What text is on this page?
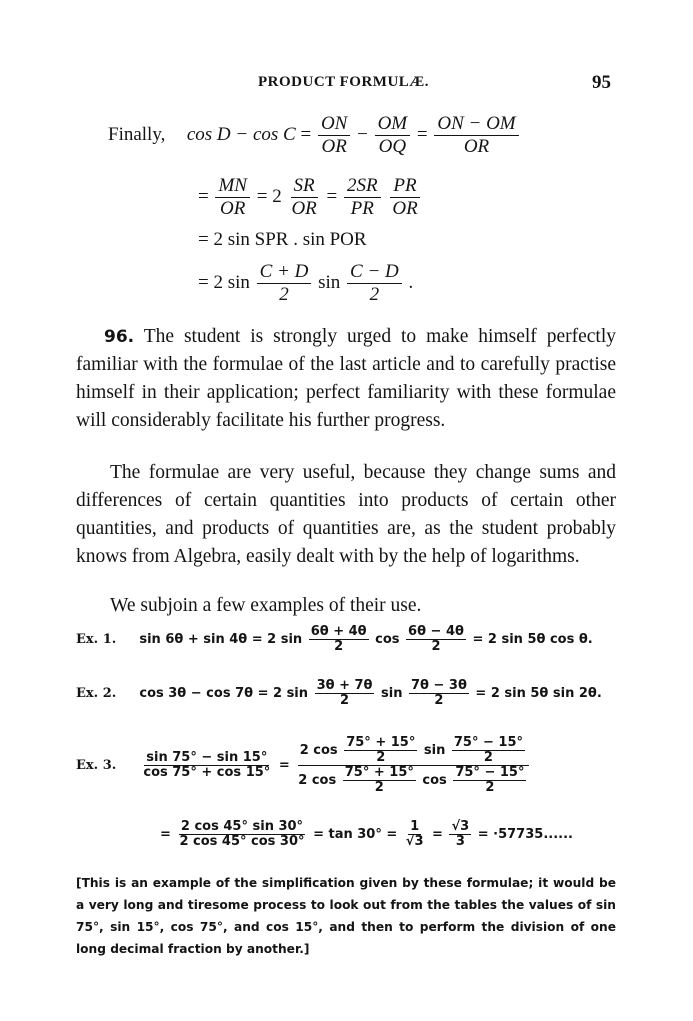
PRODUCT FORMULÆ.	95
Finally, $\cos D - \cos C = \frac{ON}{OR} - \frac{OM}{OQ} = \frac{ON - OM}{OR}$
= $\frac{MN}{OR} = 2 \frac{SR}{OR} = \frac{2SR}{PR}$
$\frac{PR}{OR}$
= 2 sin SPR . sin POR
= 2 $\sin \frac{C + D}{2}$ $\sin \frac{C - D}{2}$ .
96. The student is strongly urged to make himself perfectly familiar with the formulae of the last article and to carefully practise himself in their application; perfect familiarity with these formulae will considerably facilitate his further progress.
The formulae are very useful, because they change sums and differences of certain quantities into products of certain other quantities, and products of quantities are, as the student probably knows from Algebra, easily dealt with by the help of logarithms.
We subjoin a few examples of their use.
Ex. 1. sin 6θ + sin 4θ = 2 $\sin \frac{6\theta + 4\theta}{2}$ $\cos \frac{6\theta - 4\theta}{2} = 2$ sin 5θ cos θ.
Ex. 2. cos 3θ − cos 7θ = 2 $\sin \frac{3\theta + 7\theta}{2}$ $\sin \frac{7\theta - 3\theta}{2} = 2$ sin 5θ sin 2θ.
Ex. 3. $\frac{\sin 75^\circ - \sin 15^\circ}{\cos 75^\circ + \cos 15^\circ} = \frac{2 \cos \frac{75^\circ + 15^\circ}{2} \sin \frac{75^\circ - 15^\circ}{2}}{2 \cos \frac{75^\circ + 15^\circ}{2} \cos \frac{75^\circ - 15^\circ}{2}}$
= $\frac{2 \cos 45^\circ \sin 30^\circ}{2 \cos 45^\circ \cos 30^\circ} = \tan 30^\circ = \frac{1}{√3} = \frac{√3}{3} = \cdot 57735$......
[This is an example of the simplification given by these formulae; it would be a very long and tiresome process to look out from the tables the values of sin 75°, sin 15°, cos 75°, and cos 15°, and then to perform the division of one long decimal fraction by another.]
